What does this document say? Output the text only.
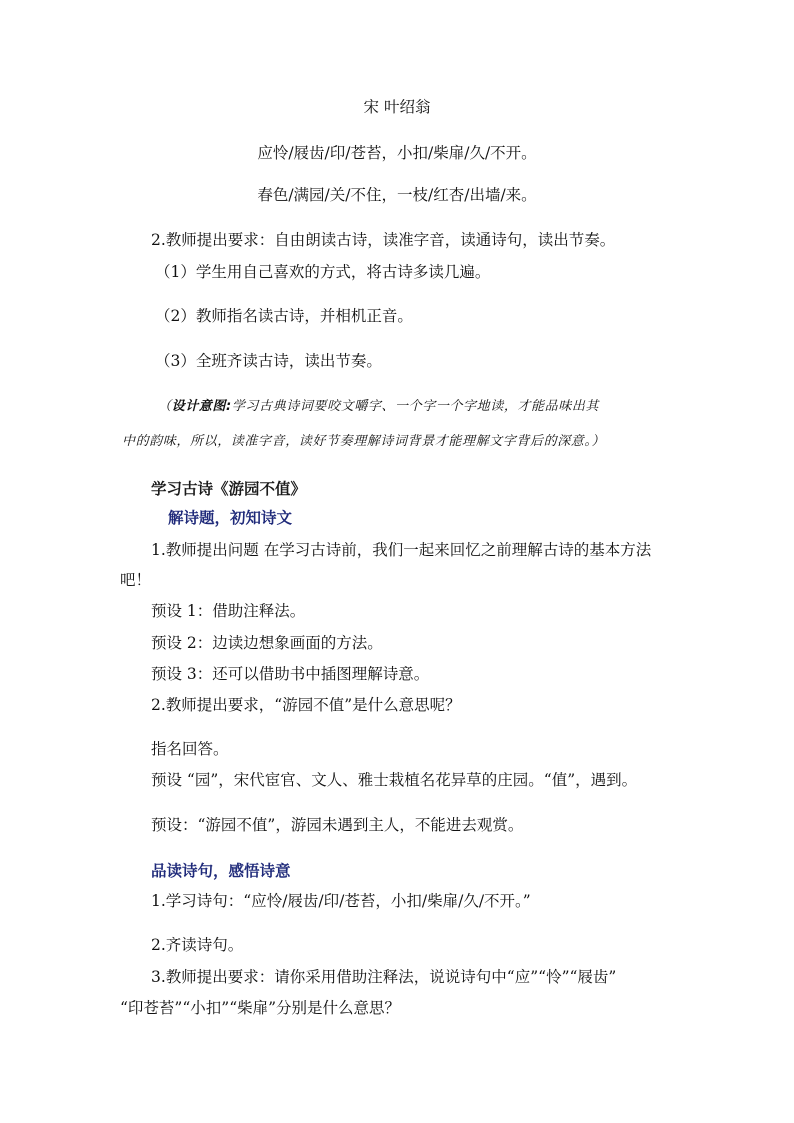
宋 叶绍翁
应怜/屐齿/印/苍苔，小扣/柴扉/久/不开。
春色/满园/关/不住，一枝/红杏/出墙/来。
2.教师提出要求：自由朗读古诗，读准字音，读通诗句，读出节奏。
（1）学生用自己喜欢的方式，将古诗多读几遍。
（2）教师指名读古诗，并相机正音。
（3）全班齐读古诗，读出节奏。
（设计意图:学习古典诗词要咬文嚼字、一个字一个字地读，才能品味出其
中的韵味，所以，读准字音，读好节奏理解诗词背景才能理解文字背后的深意。）
学习古诗《游园不值》
解诗题，初知诗文
1.教师提出问题 在学习古诗前，我们一起来回忆之前理解古诗的基本方法
吧！
预设 1：借助注释法。
预设 2：边读边想象画面的方法。
预设 3：还可以借助书中插图理解诗意。
2.教师提出要求，“游园不值”是什么意思呢？
指名回答。
预设 “园”，宋代宦官、文人、雅士栽植名花异草的庄园。“值”，遇到。
预设：“游园不值”，游园未遇到主人，不能进去观赏。
品读诗句，感悟诗意
1.学习诗句：“应怜/屐齿/印/苍苔，小扣/柴扉/久/不开。”
2.齐读诗句。
3.教师提出要求：请你采用借助注释法，说说诗句中“应”“怜”“屐齿”
“印苍苔”“小扣”“柴扉”分别是什么意思？
